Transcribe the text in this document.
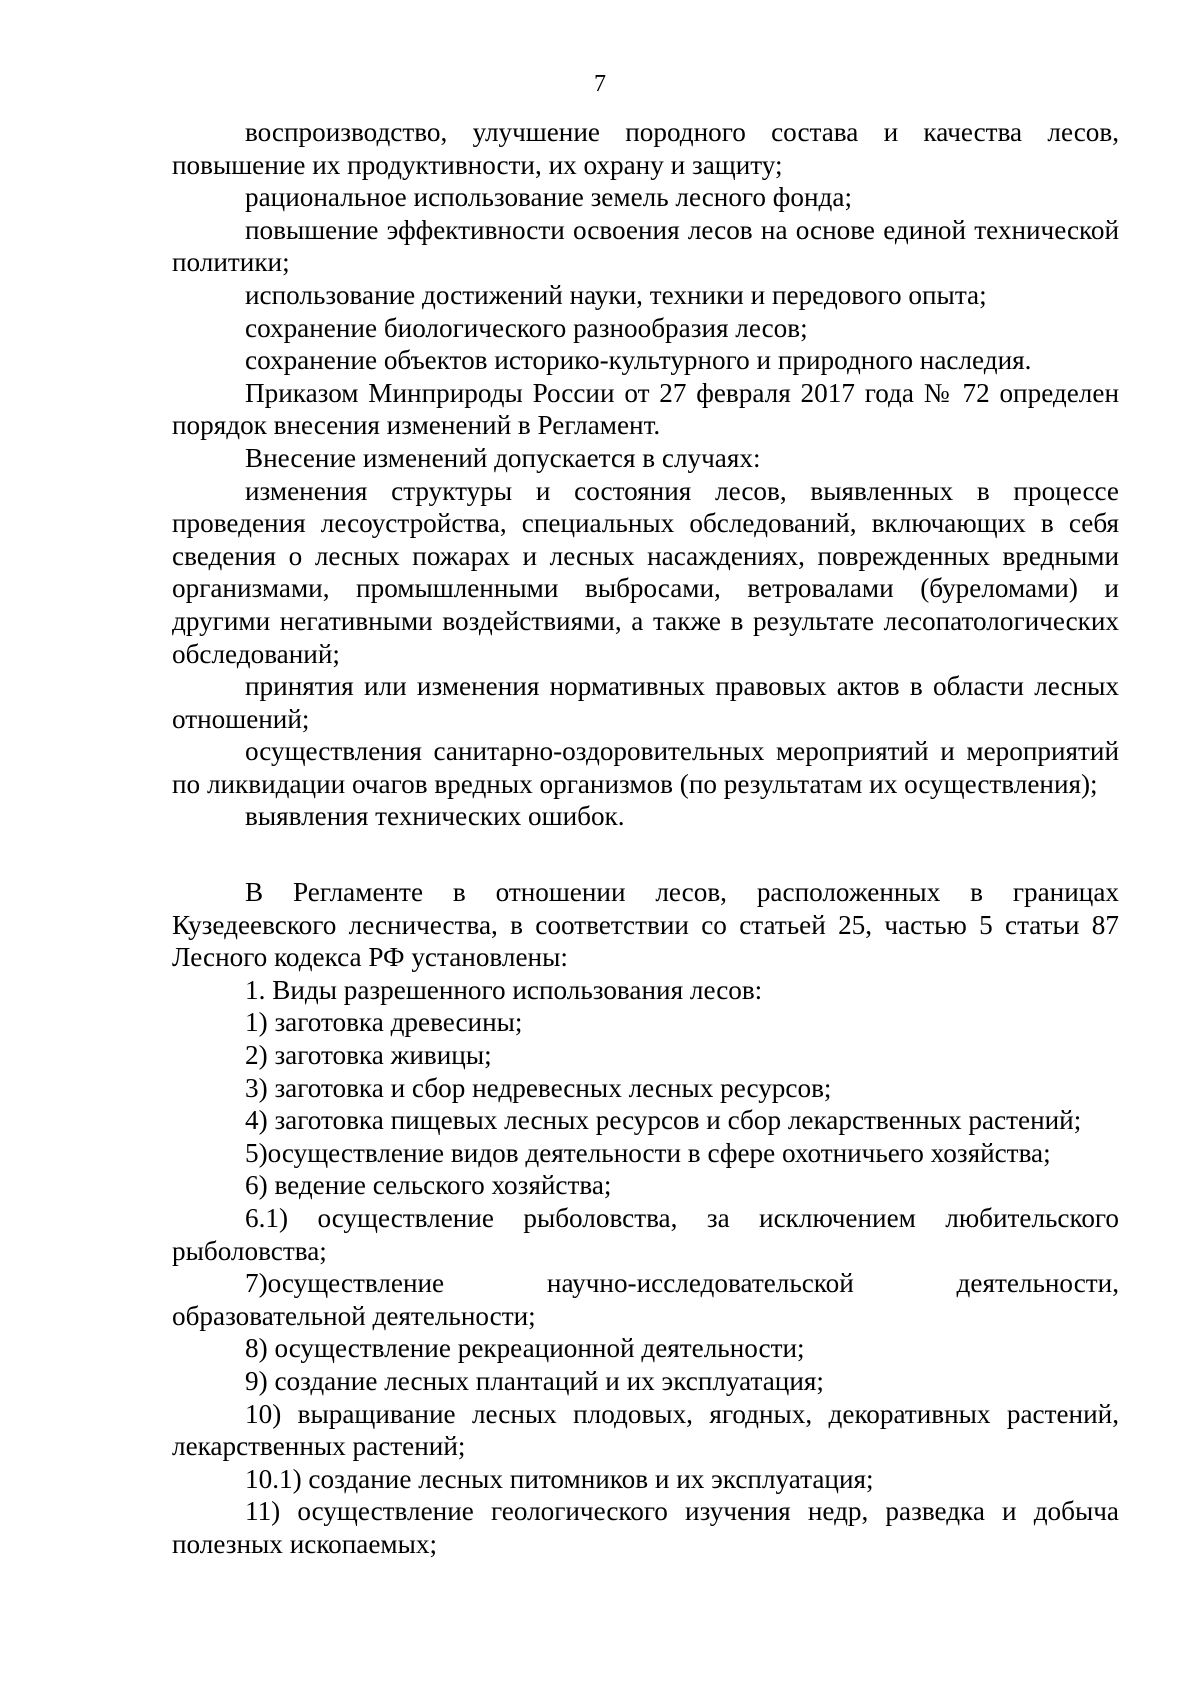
7

воспроизводство, улучшение породного состава и качества лесов, повышение их продуктивности, их охрану и защиту;

рациональное использование земель лесного фонда;

повышение эффективности освоения лесов на основе единой технической политики;

использование достижений науки, техники и передового опыта;

сохранение биологического разнообразия лесов;

сохранение объектов историко-культурного и природного наследия.

Приказом Минприроды России от 27 февраля 2017 года № 72 определен порядок внесения изменений в Регламент.

Внесение изменений допускается в случаях:

изменения структуры и состояния лесов, выявленных в процессе проведения лесоустройства, специальных обследований, включающих в себя сведения о лесных пожарах и лесных насаждениях, поврежденных вредными организмами, промышленными выбросами, ветровалами (буреломами) и другими негативными воздействиями, а также в результате лесопатологических обследований;

принятия или изменения нормативных правовых актов в области лесных отношений;

осуществления санитарно-оздоровительных мероприятий и мероприятий по ликвидации очагов вредных организмов (по результатам их осуществления);

выявления технических ошибок.

В Регламенте в отношении лесов, расположенных в границах Кузедеевского лесничества, в соответствии со статьей 25, частью 5 статьи 87 Лесного кодекса РФ установлены:

1. Виды разрешенного использования лесов:

1) заготовка древесины;

2) заготовка живицы;

3) заготовка и сбор недревесных лесных ресурсов;

4) заготовка пищевых лесных ресурсов и сбор лекарственных растений;

5)осуществление видов деятельности в сфере охотничьего хозяйства;

6) ведение сельского хозяйства;

6.1) осуществление рыболовства, за исключением любительского рыболовства;

7)осуществление научно-исследовательской деятельности, образовательной деятельности;

8) осуществление рекреационной деятельности;

9) создание лесных плантаций и их эксплуатация;

10) выращивание лесных плодовых, ягодных, декоративных растений, лекарственных растений;

10.1) создание лесных питомников и их эксплуатация;

11) осуществление геологического изучения недр, разведка и добыча полезных ископаемых;
